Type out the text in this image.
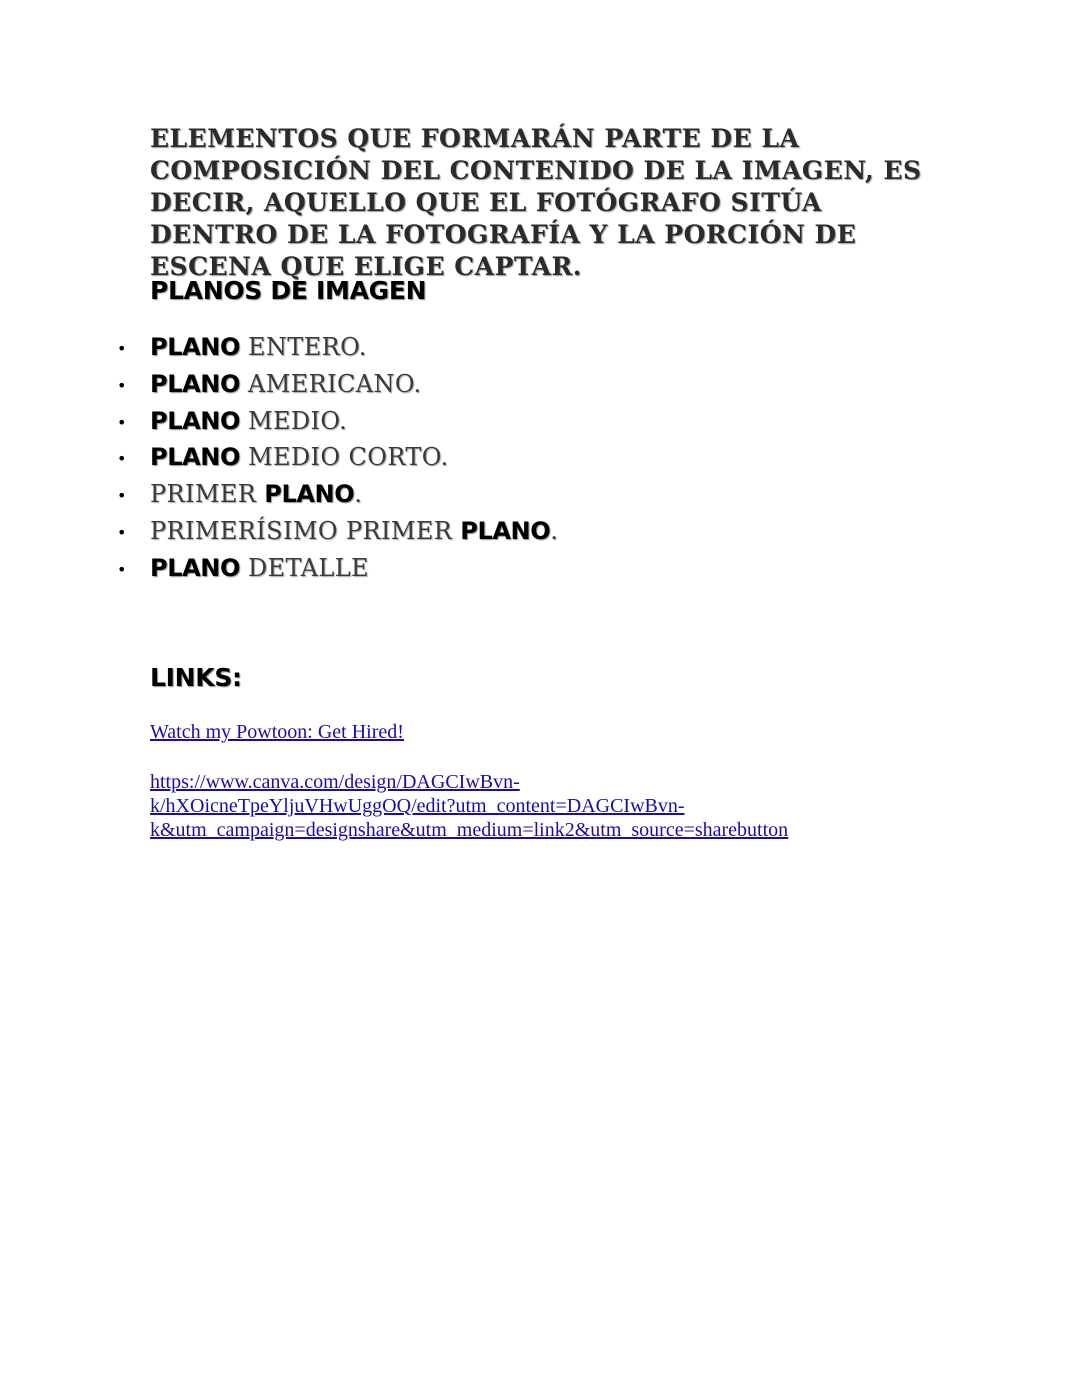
ELEMENTOS QUE FORMARÁN PARTE DE LA COMPOSICIÓN DEL CONTENIDO DE LA IMAGEN, ES DECIR, AQUELLO QUE EL FOTÓGRAFO SITÚA DENTRO DE LA FOTOGRAFÍA Y LA PORCIÓN DE ESCENA QUE ELIGE CAPTAR.

PLANOS DE IMAGEN
• PLANO ENTERO.
• PLANO AMERICANO.
• PLANO MEDIO.
• PLANO MEDIO CORTO.
• PRIMER PLANO.
• PRIMERÍSIMO PRIMER PLANO.
• PLANO DETALLE
LINKS:
Watch my Powtoon: Get Hired!
https://www.canva.com/design/DAGCIwBvn-
k/hXOicneTpeYljuVHwUggOQ/edit?utm_content=DAGCIwBvn-
k&utm_campaign=designshare&utm_medium=link2&utm_source=sharebutton
